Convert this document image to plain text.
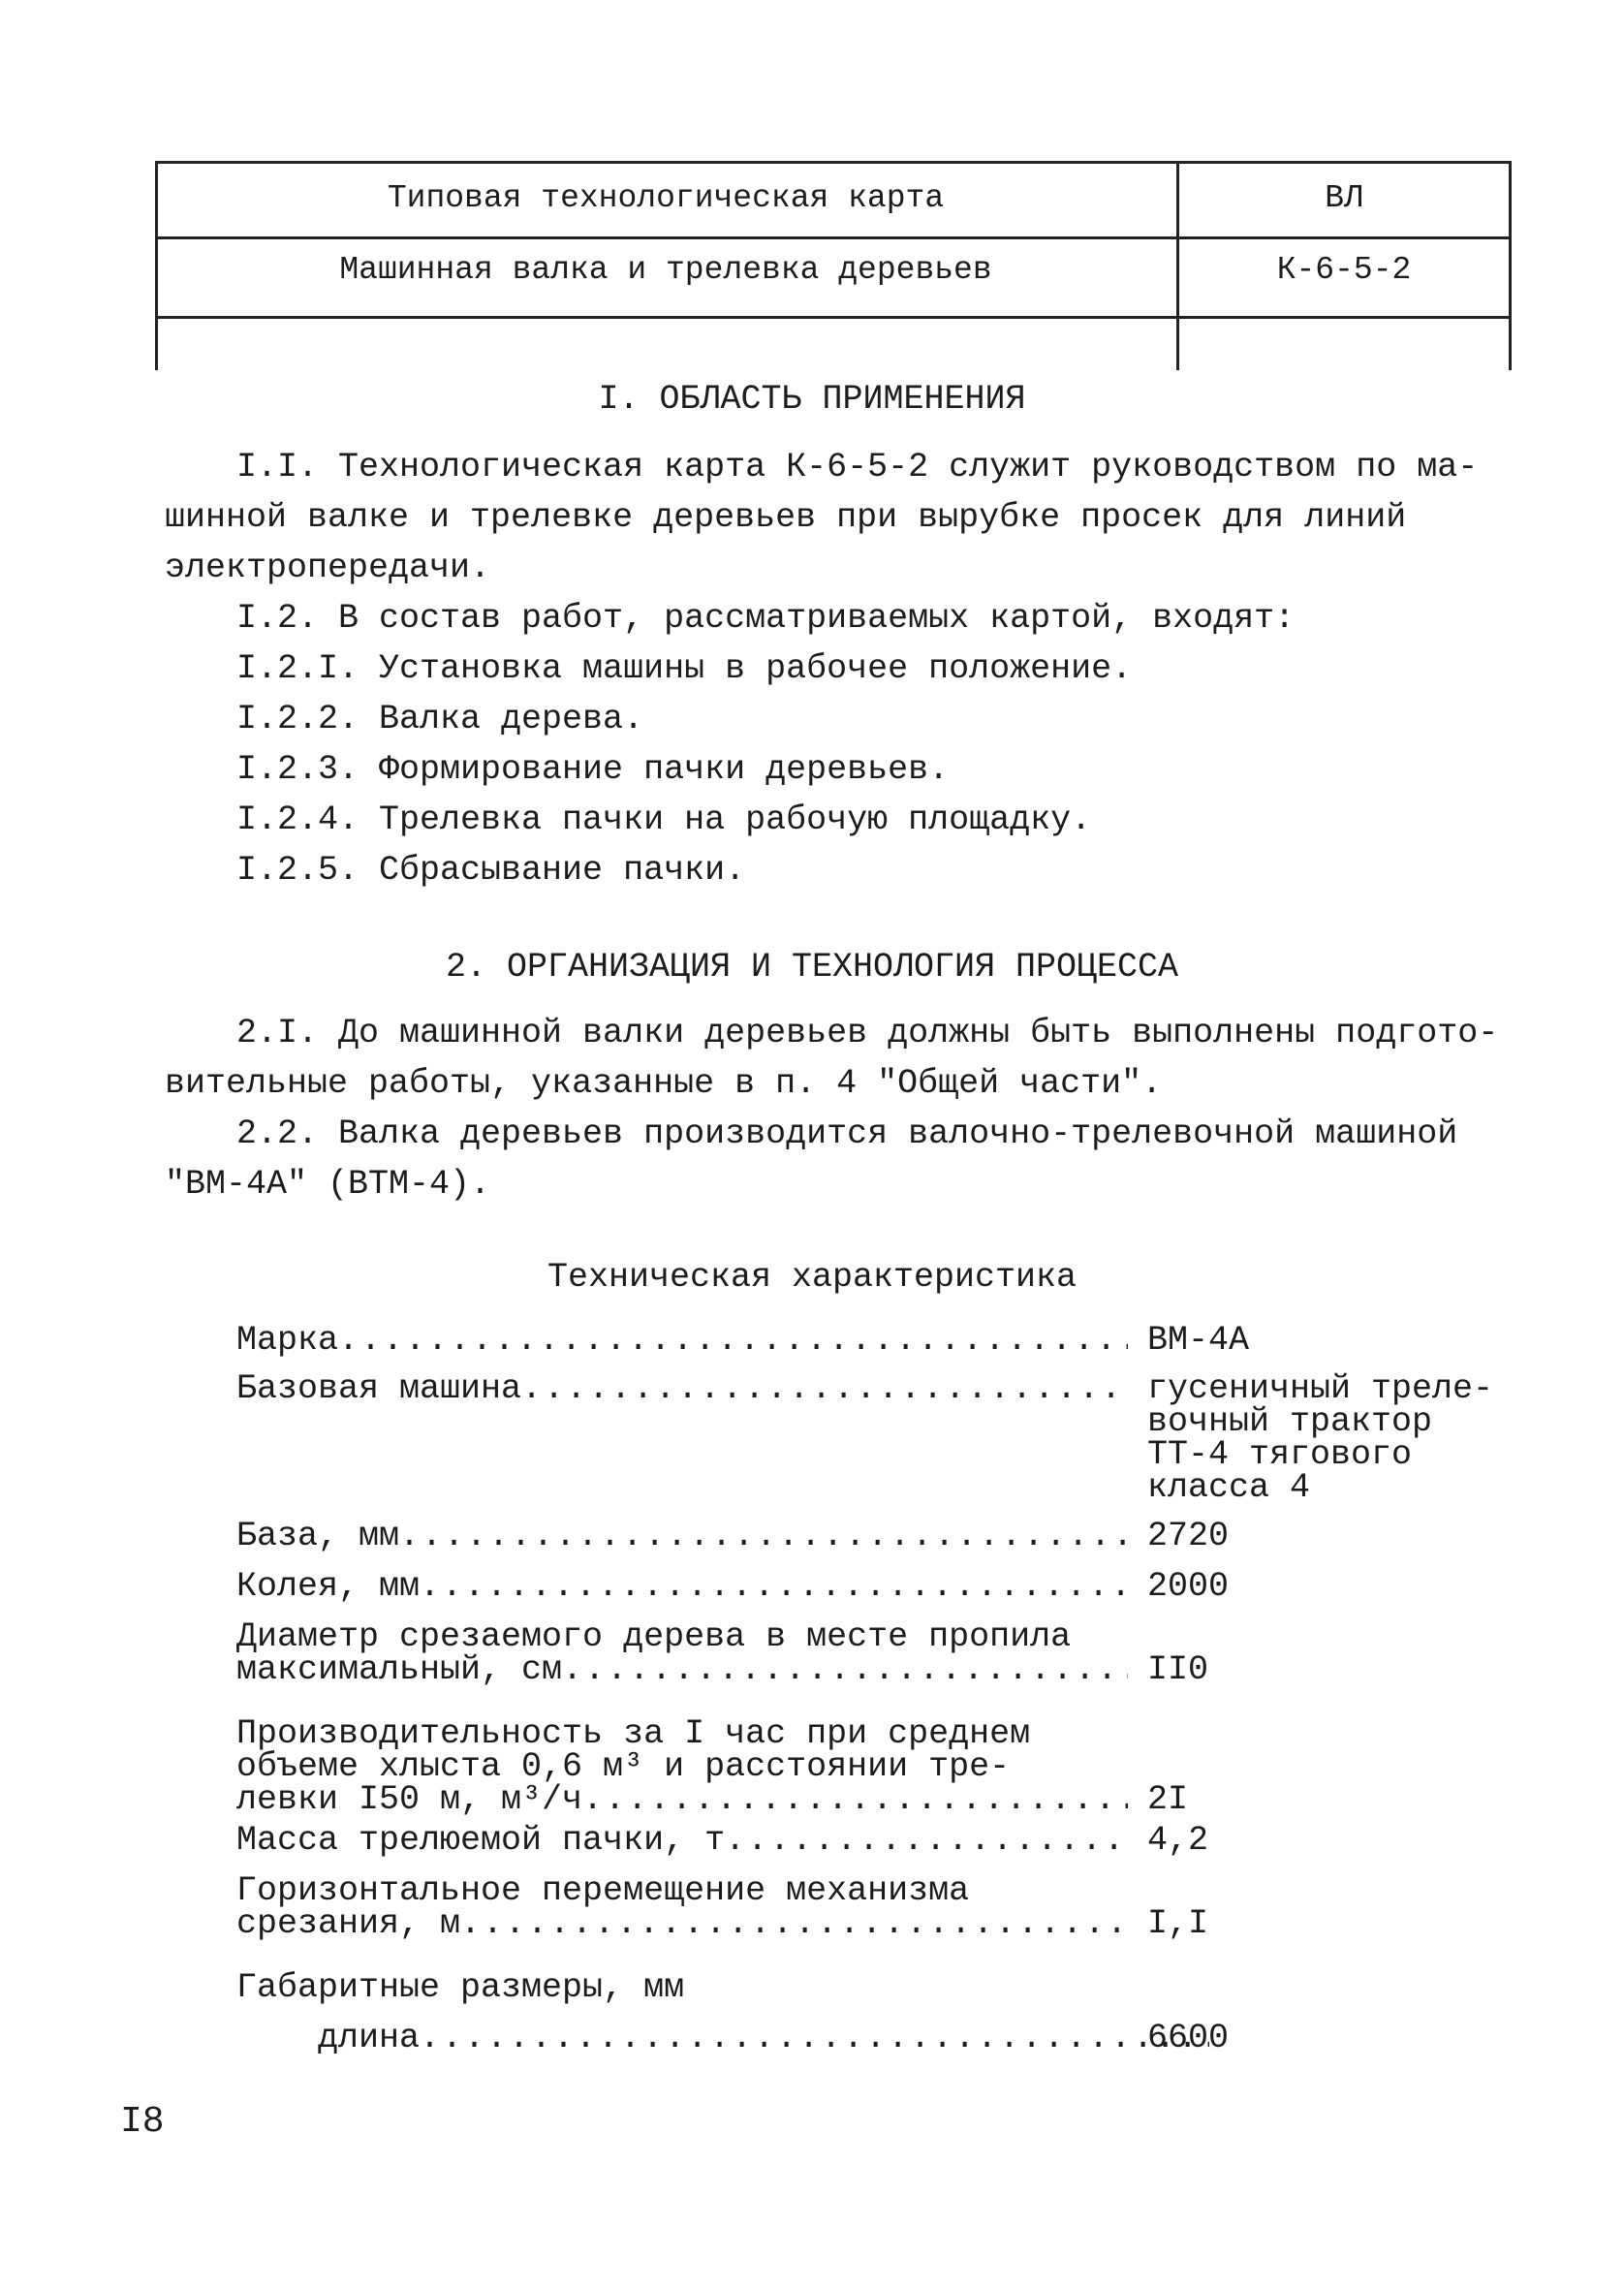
Типовая технологическая карта	ВЛ
Машинная валка и трелевка деревьев	К-6-5-2
I. ОБЛАСТЬ ПРИМЕНЕНИЯ
I.I. Технологическая карта К-6-5-2 служит руководством по ма-
шинной валке и трелевке деревьев при вырубке просек для линий
электропередачи.
I.2. В состав работ, рассматриваемых картой, входят:
I.2.I. Установка машины в рабочее положение.
I.2.2. Валка дерева.
I.2.3. Формирование пачки деревьев.
I.2.4. Трелевка пачки на рабочую площадку.
I.2.5. Сбрасывание пачки.
2. ОРГАНИЗАЦИЯ И ТЕХНОЛОГИЯ ПРОЦЕССА
2.I. До машинной валки деревьев должны быть выполнены подгото-
вительные работы, указанные в п. 4 "Общей части".
2.2. Валка деревьев производится валочно-трелевочной машиной
"ВМ-4А" (ВТМ-4).
Техническая характеристика
Марка .....	ВМ-4А
Базовая машина .....	гусеничный треле-
вочный трактор
ТТ-4 тягового
класса 4
База, мм .....	2720
Колея, мм .....	2000
Диаметр срезаемого дерева в месте пропила
максимальный, см .....	II0
Производительность за I час при среднем
объеме хлыста 0,6 м³ и расстоянии тре-
левки I50 м, м³/ч .....	2I
Масса трелюемой пачки, т .....	4,2
Горизонтальное перемещение механизма
срезания, м .....	I,I
Габаритные размеры, мм
длина .....	6600
I8
